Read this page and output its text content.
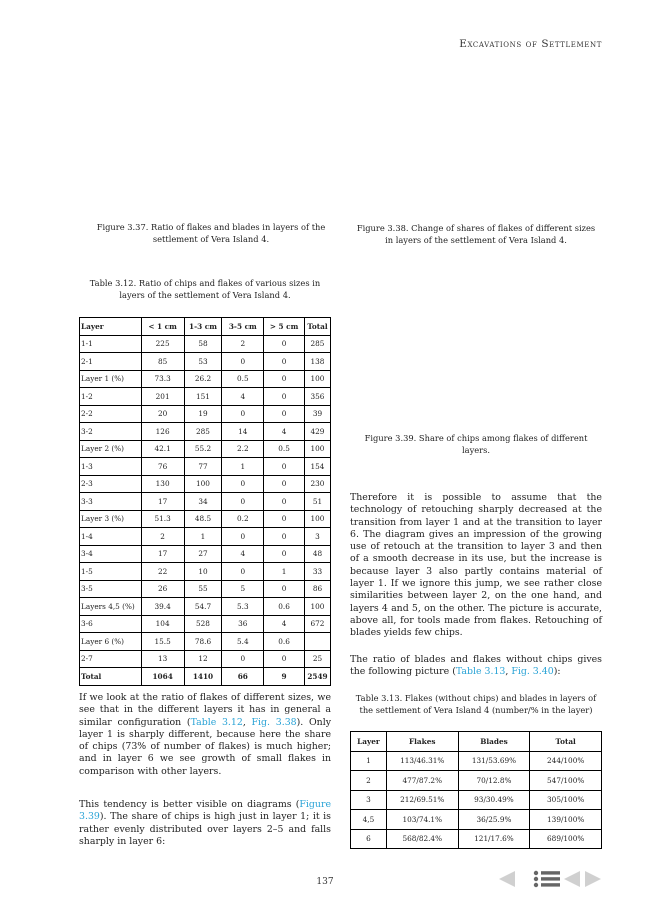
Excavations of Settlement
Figure 3.37. Ratio of flakes and blades in layers of the settlement of Vera Island 4.
Figure 3.38. Change of shares of flakes of different sizes in layers of the settlement of Vera Island 4.
Figure 3.39. Share of chips among flakes of different layers.
Table 3.12. Ratio of chips and flakes of various sizes in layers of the settlement of Vera Island 4.
Layer	< 1 cm	1-3 cm	3-5 cm	> 5 cm	Total
1-1	225	58	2	0	285
2-1	85	53	0	0	138
Layer 1 (%)	73.3	26.2	0.5	0	100
1-2	201	151	4	0	356
2-2	20	19	0	0	39
3-2	126	285	14	4	429
Layer 2 (%)	42.1	55.2	2.2	0.5	100
1-3	76	77	1	0	154
2-3	130	100	0	0	230
3-3	17	34	0	0	51
Layer 3 (%)	51.3	48.5	0.2	0	100
1-4	2	1	0	0	3
3-4	17	27	4	0	48
1-5	22	10	0	1	33
3-5	26	55	5	0	86
Layers 4,5 (%)	39.4	54.7	5.3	0.6	100
3-6	104	528	36	4	672
Layer 6 (%)	15.5	78.6	5.4	0.6	
2-7	13	12	0	0	25
Total	1064	1410	66	9	2549

If we look at the ratio of flakes of different sizes, we see that in the different layers it has in general a similar configuration (Table 3.12, Fig. 3.38). Only layer 1 is sharply different, because here the share of chips (73% of number of flakes) is much higher; and in layer 6 we see growth of small flakes in comparison with other layers.

This tendency is better visible on diagrams (Figure 3.39). The share of chips is high just in layer 1; it is rather evenly distributed over layers 2–5 and falls sharply in layer 6:

Therefore it is possible to assume that the technology of retouching sharply decreased at the transition from layer 1 and at the transition to layer 6. The diagram gives an impression of the growing use of retouch at the transition to layer 3 and then of a smooth decrease in its use, but the increase is because layer 3 also partly contains material of layer 1. If we ignore this jump, we see rather close similarities between layer 2, on the one hand, and layers 4 and 5, on the other. The picture is accurate, above all, for tools made from flakes. Retouching of blades yields few chips.

The ratio of blades and flakes without chips gives the following picture (Table 3.13, Fig. 3.40):

Table 3.13. Flakes (without chips) and blades in layers of the settlement of Vera Island 4 (number/% in the layer)
Layer	Flakes	Blades	Total
1	113/46.31%	131/53.69%	244/100%
2	477/87.2%	70/12.8%	547/100%
3	212/69.51%	93/30.49%	305/100%
4,5	103/74.1%	36/25.9%	139/100%
6	568/82.4%	121/17.6%	689/100%
137
